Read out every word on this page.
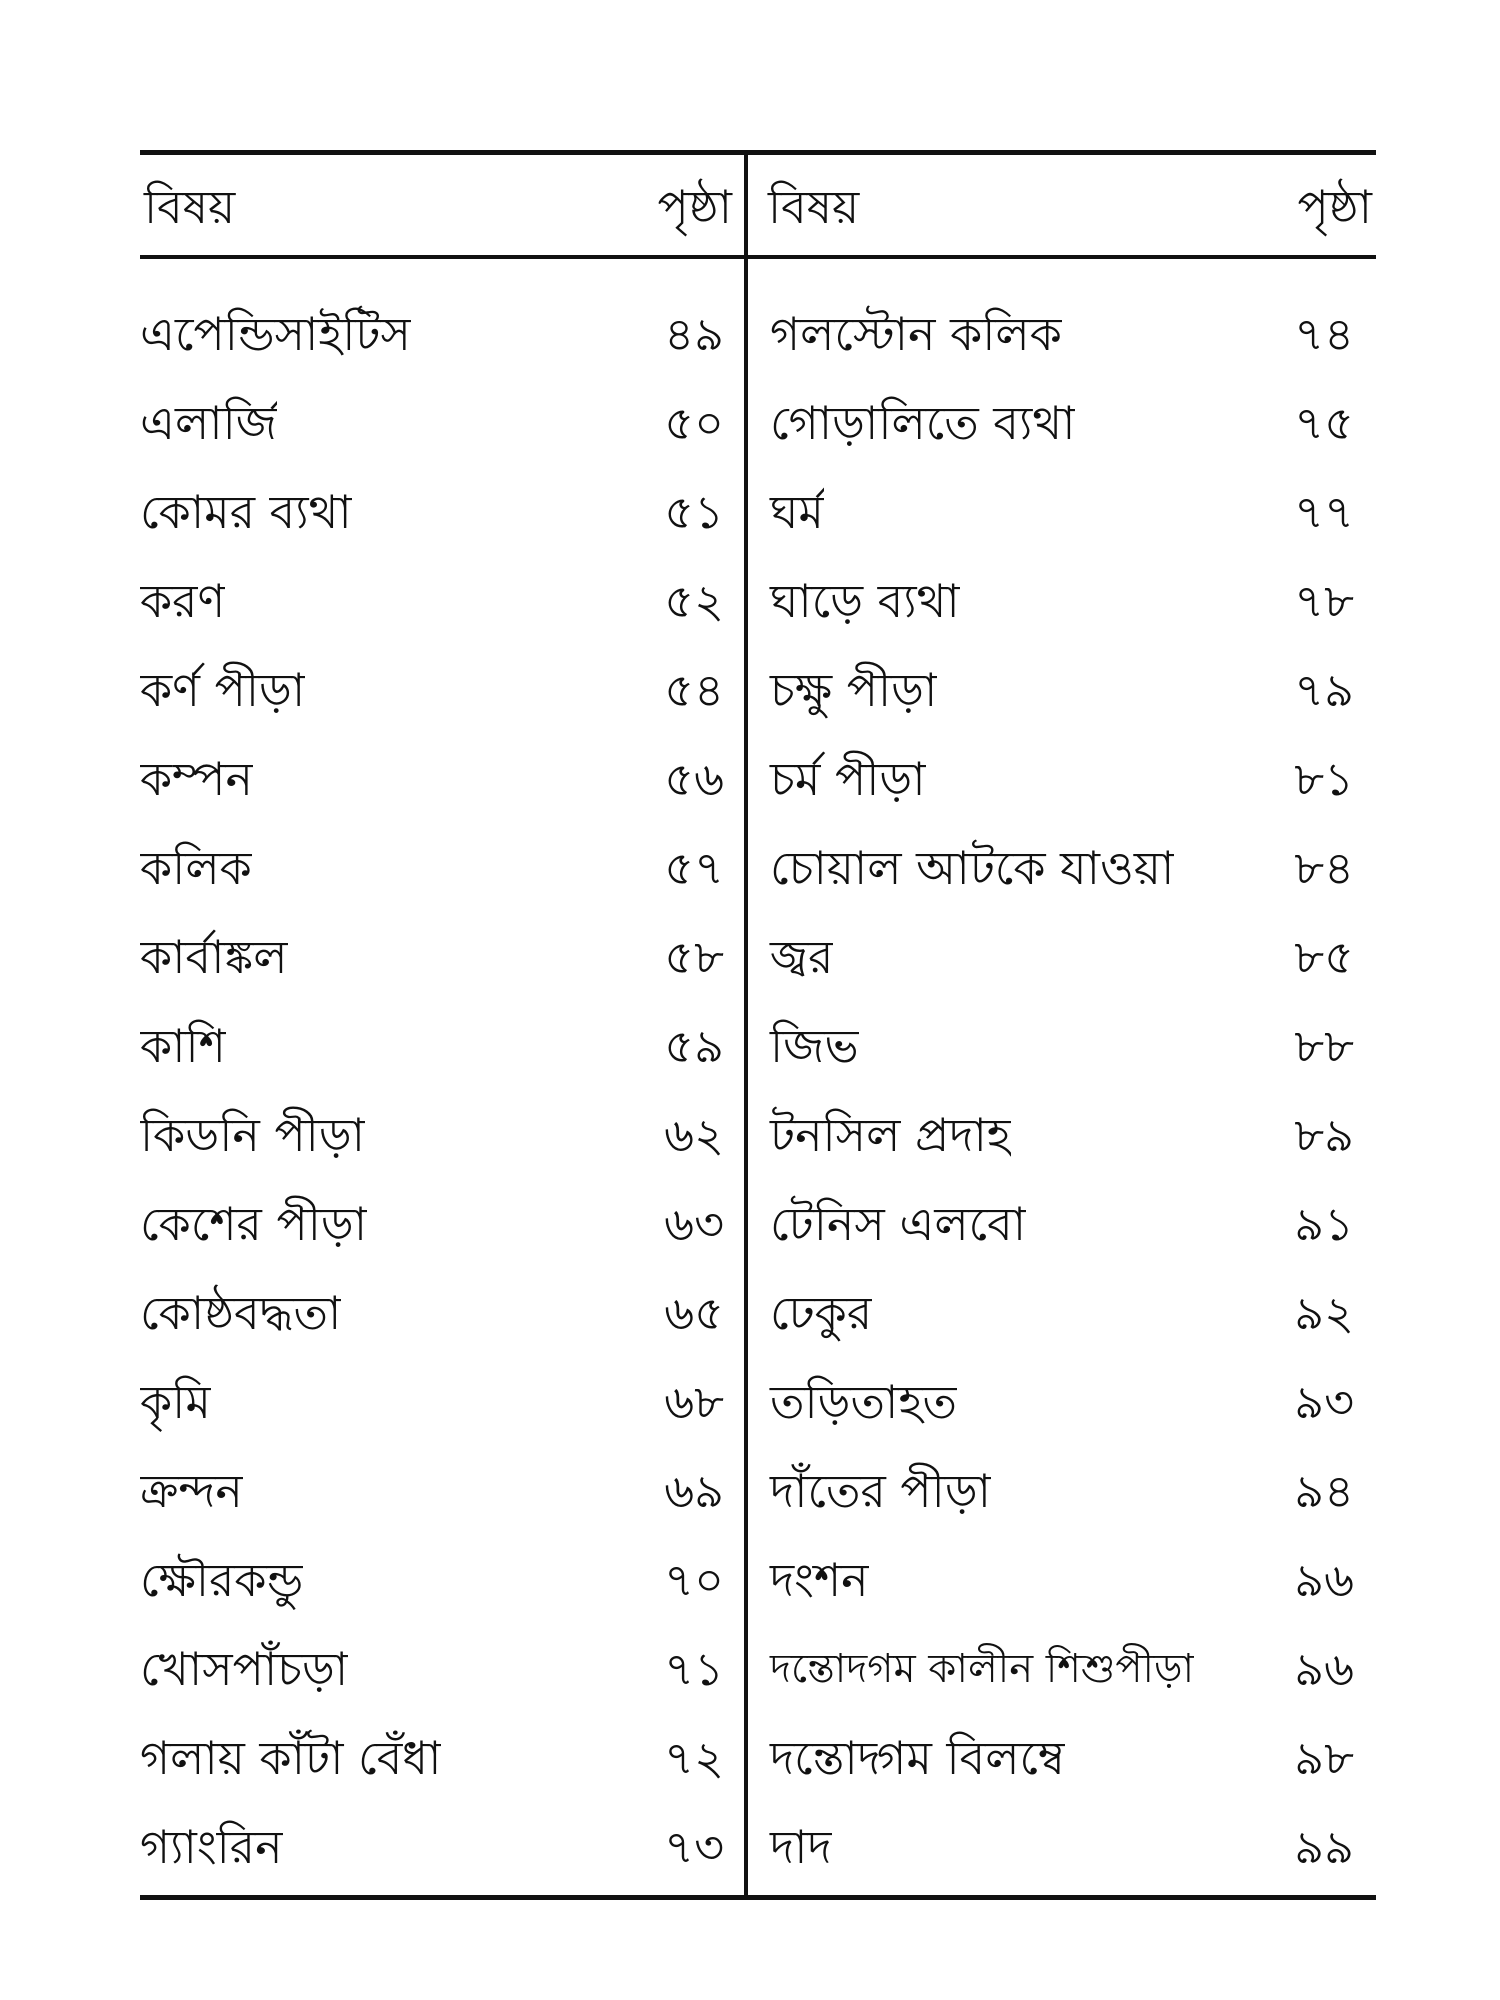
বিষয়	পৃষ্ঠা
এপেন্ডিসাইটিস	৪৯
এলার্জি	৫০
কোমর ব্যথা	৫১
করণ	৫২
কর্ণ পীড়া	৫৪
কম্পন	৫৬
কলিক	৫৭
কার্বাঙ্কল	৫৮
কাশি	৫৯
কিডনি পীড়া	৬২
কেশের পীড়া	৬৩
কোষ্ঠবদ্ধতা	৬৫
কৃমি	৬৮
ক্রন্দন	৬৯
ক্ষৌরকন্ডু	৭০
খোসপাঁচড়া	৭১
গলায় কাঁটা বেঁধা	৭২
গ্যাংরিন	৭৩
বিষয়	পৃষ্ঠা
গলস্টোন কলিক	৭৪
গোড়ালিতে ব্যথা	৭৫
ঘর্ম	৭৭
ঘাড়ে ব্যথা	৭৮
চক্ষু পীড়া	৭৯
চর্ম পীড়া	৮১
চোয়াল আটকে যাওয়া	৮৪
জ্বর	৮৫
জিভ	৮৮
টনসিল প্রদাহ	৮৯
টেনিস এলবো	৯১
ঢেকুর	৯২
তড়িতাহত	৯৩
দাঁতের পীড়া	৯৪
দংশন	৯৬
দন্তোদগম কালীন শিশুপীড়া	৯৬
দন্তোদ্গম বিলম্বে	৯৮
দাদ	৯৯
